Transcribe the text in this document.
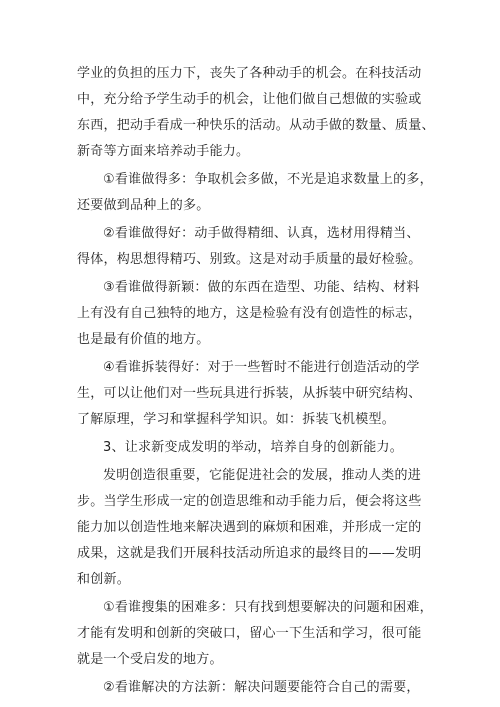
学业的负担的压力下，丧失了各种动手的机会。在科技活动
中，充分给予学生动手的机会，让他们做自己想做的实验或
东西，把动手看成一种快乐的活动。从动手做的数量、质量、
新奇等方面来培养动手能力。
①看谁做得多：争取机会多做，不光是追求数量上的多，
还要做到品种上的多。
②看谁做得好：动手做得精细、认真，选材用得精当、
得体，构思想得精巧、别致。这是对动手质量的最好检验。
③看谁做得新颖：做的东西在造型、功能、结构、材料
上有没有自己独特的地方，这是检验有没有创造性的标志，
也是最有价值的地方。
④看谁拆装得好：对于一些暂时不能进行创造活动的学
生，可以让他们对一些玩具进行拆装，从拆装中研究结构、
了解原理，学习和掌握科学知识。如：拆装飞机模型。
3、让求新变成发明的举动，培养自身的创新能力。
发明创造很重要，它能促进社会的发展，推动人类的进
步。当学生形成一定的创造思维和动手能力后，便会将这些
能力加以创造性地来解决遇到的麻烦和困难，并形成一定的
成果，这就是我们开展科技活动所追求的最终目的——发明
和创新。
①看谁搜集的困难多：只有找到想要解决的问题和困难，
才能有发明和创新的突破口，留心一下生活和学习，很可能
就是一个受启发的地方。
②看谁解决的方法新：解决问题要能符合自己的需要，
